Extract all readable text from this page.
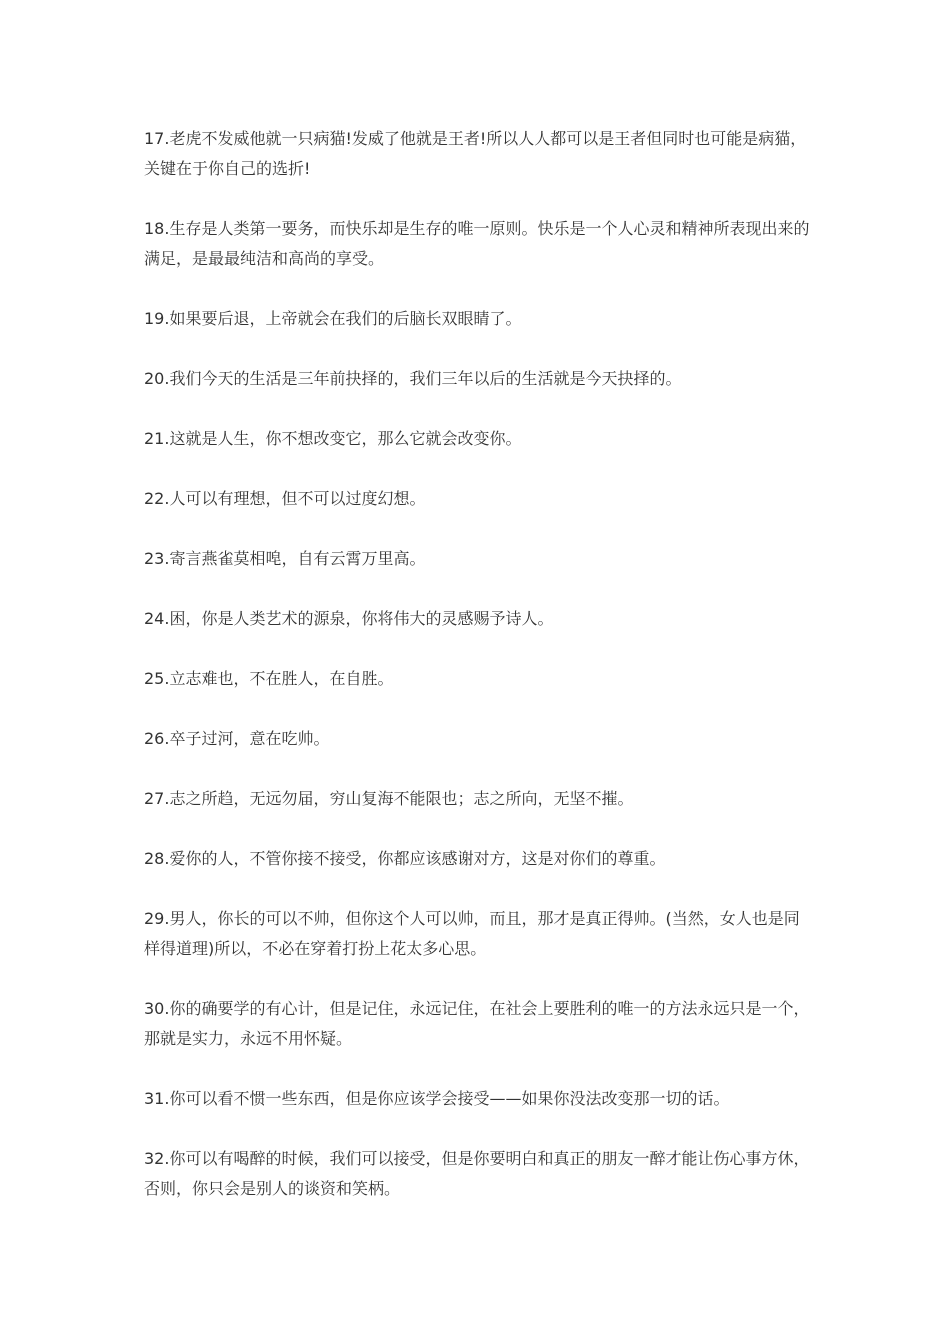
17.老虎不发威他就一只病猫!发威了他就是王者!所以人人都可以是王者但同时也可能是病猫，关键在于你自己的选折!

18.生存是人类第一要务，而快乐却是生存的唯一原则。快乐是一个人心灵和精神所表现出来的满足，是最最纯洁和高尚的享受。

19.如果要后退，上帝就会在我们的后脑长双眼睛了。

20.我们今天的生活是三年前抉择的，我们三年以后的生活就是今天抉择的。

21.这就是人生，你不想改变它，那么它就会改变你。

22.人可以有理想，但不可以过度幻想。

23.寄言燕雀莫相唣，自有云霄万里高。

24.困，你是人类艺术的源泉，你将伟大的灵感赐予诗人。

25.立志难也，不在胜人，在自胜。

26.卒子过河，意在吃帅。

27.志之所趋，无远勿届，穷山复海不能限也；志之所向，无坚不摧。

28.爱你的人，不管你接不接受，你都应该感谢对方，这是对你们的尊重。

29.男人，你长的可以不帅，但你这个人可以帅，而且，那才是真正得帅。(当然，女人也是同样得道理)所以，不必在穿着打扮上花太多心思。

30.你的确要学的有心计，但是记住，永远记住，在社会上要胜利的唯一的方法永远只是一个，那就是实力，永远不用怀疑。

31.你可以看不惯一些东西，但是你应该学会接受——如果你没法改变那一切的话。

32.你可以有喝醉的时候，我们可以接受，但是你要明白和真正的朋友一醉才能让伤心事方休，否则，你只会是别人的谈资和笑柄。
